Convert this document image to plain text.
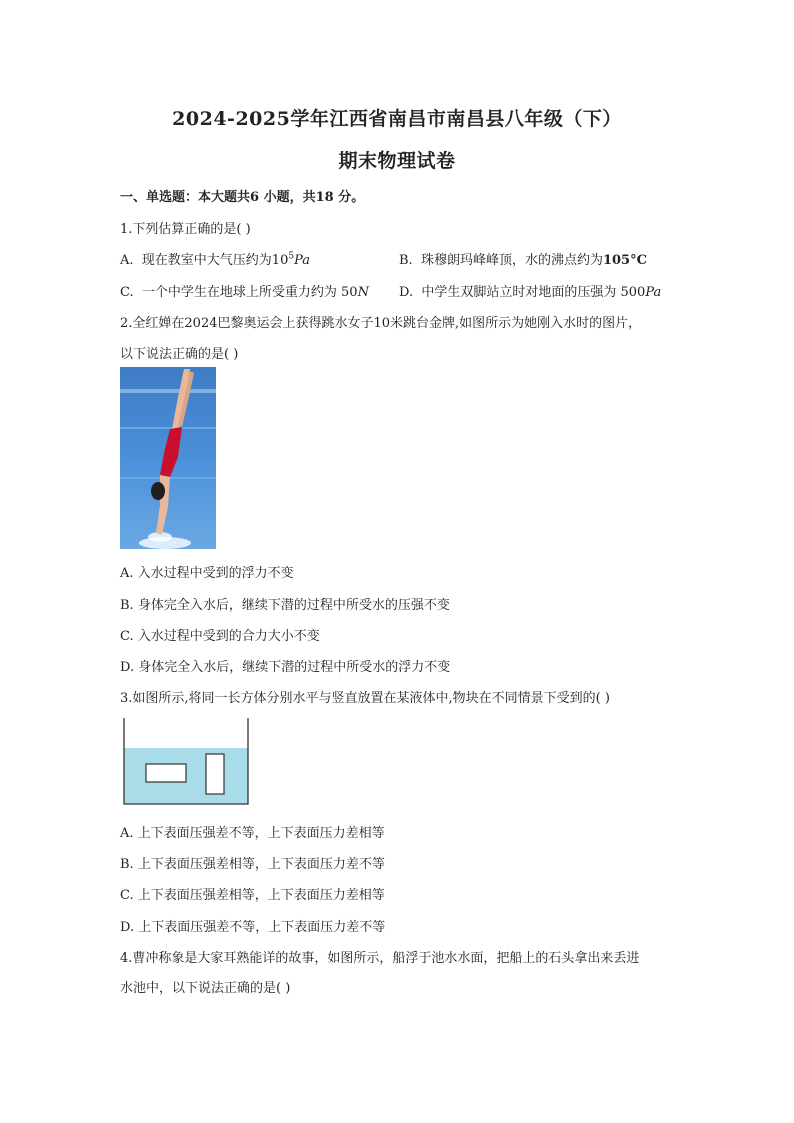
2024-2025学年江西省南昌市南昌县八年级（下）
期末物理试卷
一、单选题：本大题共6 小题，共18 分。
1.下列估算正确的是( )
A. 现在教室中大气压约为$10^5Pa$	B. 珠穆朗玛峰峰顶，水的沸点约为105°C
C. 一个中学生在地球上所受重力约为 50N D. 中学生双脚站立时对地面的压强为 500Pa
2.全红婵在2024巴黎奥运会上获得跳水女子10米跳台金牌,如图所示为她刚入水时的图片，
以下说法正确的是( )
A. 入水过程中受到的浮力不变
B. 身体完全入水后，继续下潜的过程中所受水的压强不变
C. 入水过程中受到的合力大小不变
D. 身体完全入水后，继续下潜的过程中所受水的浮力不变
3.如图所示,将同一长方体分别水平与竖直放置在某液体中,物块在不同情景下受到的( )
A. 上下表面压强差不等，上下表面压力差相等
B. 上下表面压强差相等，上下表面压力差不等
C. 上下表面压强差相等，上下表面压力差相等
D. 上下表面压强差不等，上下表面压力差不等
4.曹冲称象是大家耳熟能详的故事，如图所示，船浮于池水水面，把船上的石头拿出来丢进
水池中，以下说法正确的是( )
